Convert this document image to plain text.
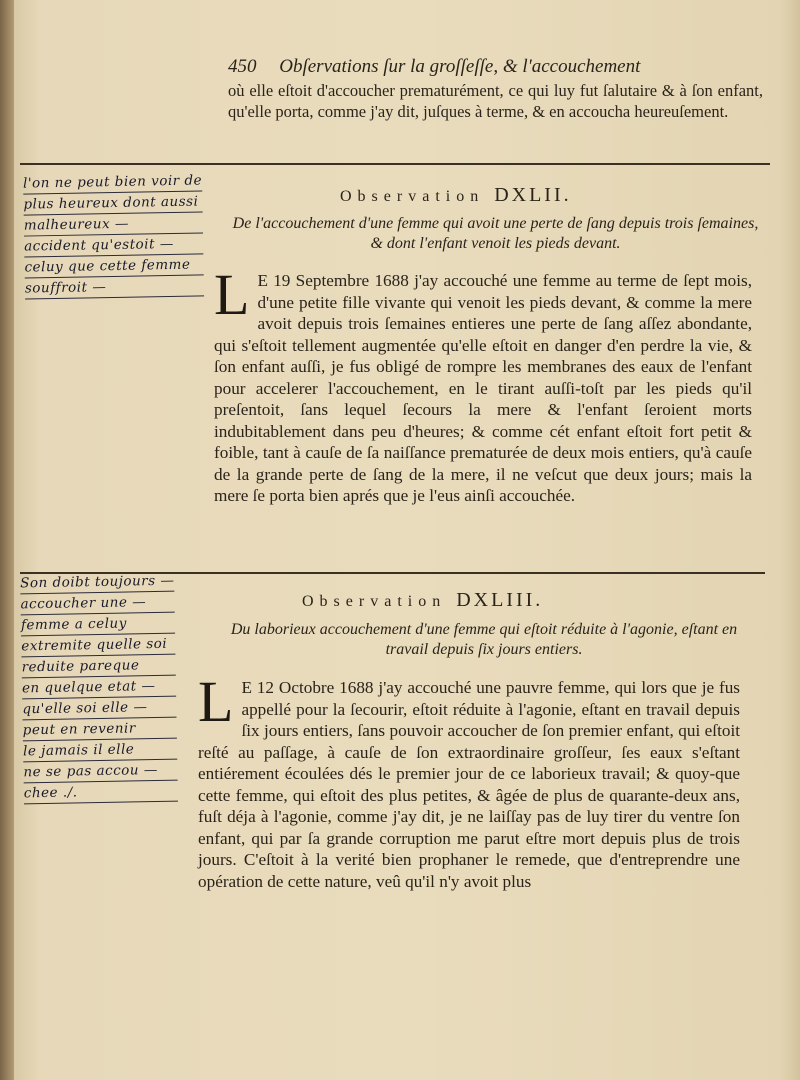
450 Obſervations ſur la groſſeſſe, & l'accouchement
où elle eſtoit d'accoucher prematurément, ce qui luy fut ſalutaire & à ſon enfant, qu'elle porta, comme j'ay dit, juſques à terme, & en accoucha heureuſement.
Observation DXLII.
De l'accouchement d'une femme qui avoit une perte de ſang depuis trois ſemaines, & dont l'enfant venoit les pieds devant.
L E 19 Septembre 1688 j'ay accouché une femme au terme de ſept mois, d'une petite fille vivante qui venoit les pieds devant, & comme la mere avoit depuis trois ſemaines entieres une perte de ſang aſſez abondante, qui s'eſtoit tellement augmentée qu'elle eſtoit en danger d'en perdre la vie, & ſon enfant auſſi, je fus obligé de rompre les membranes des eaux de l'enfant pour accelerer l'accouchement, en le tirant auſſi-toſt par les pieds qu'il preſentoit, ſans lequel ſecours la mere & l'enfant ſeroient morts indubitablement dans peu d'heures; & comme cét enfant eſtoit fort petit & foible, tant à cauſe de ſa naiſſance prematurée de deux mois entiers, qu'à cauſe de la grande perte de ſang de la mere, il ne veſcut que deux jours; mais la mere ſe porta bien aprés que je l'eus ainſi accouchée.
Observation DXLIII.
Du laborieux accouchement d'une femme qui eſtoit réduite à l'agonie, eſtant en travail depuis ſix jours entiers.
L E 12 Octobre 1688 j'ay accouché une pauvre femme, qui lors que je fus appellé pour la ſecourir, eſtoit réduite à l'agonie, eſtant en travail depuis ſix jours entiers, ſans pouvoir accoucher de ſon premier enfant, qui eſtoit reſté au paſſage, à cauſe de ſon extraordinaire groſſeur, ſes eaux s'eſtant entiérement écoulées dés le premier jour de ce laborieux travail; & quoy-que cette femme, qui eſtoit des plus petites, & âgée de plus de quarante-deux ans, fuſt déja à l'agonie, comme j'ay dit, je ne laiſſay pas de luy tirer du ventre ſon enfant, qui par ſa grande corruption me parut eſtre mort depuis plus de trois jours. C'eſtoit à la verité bien prophaner le remede, que d'entreprendre une opération de cette nature, veû qu'il n'y avoit plus
l'on ne peut bien voir de
plus heureux dont aussi
malheureux —
accident qu'estoit —
celuy que cette femme
souffroit —
Son doibt toujours —
accoucher une —
femme a celuy
extremite quelle soi
reduite pareque
en quelque etat —
qu'elle soi elle —
peut en revenir
le jamais il elle
ne se pas accou —
chee ./.
